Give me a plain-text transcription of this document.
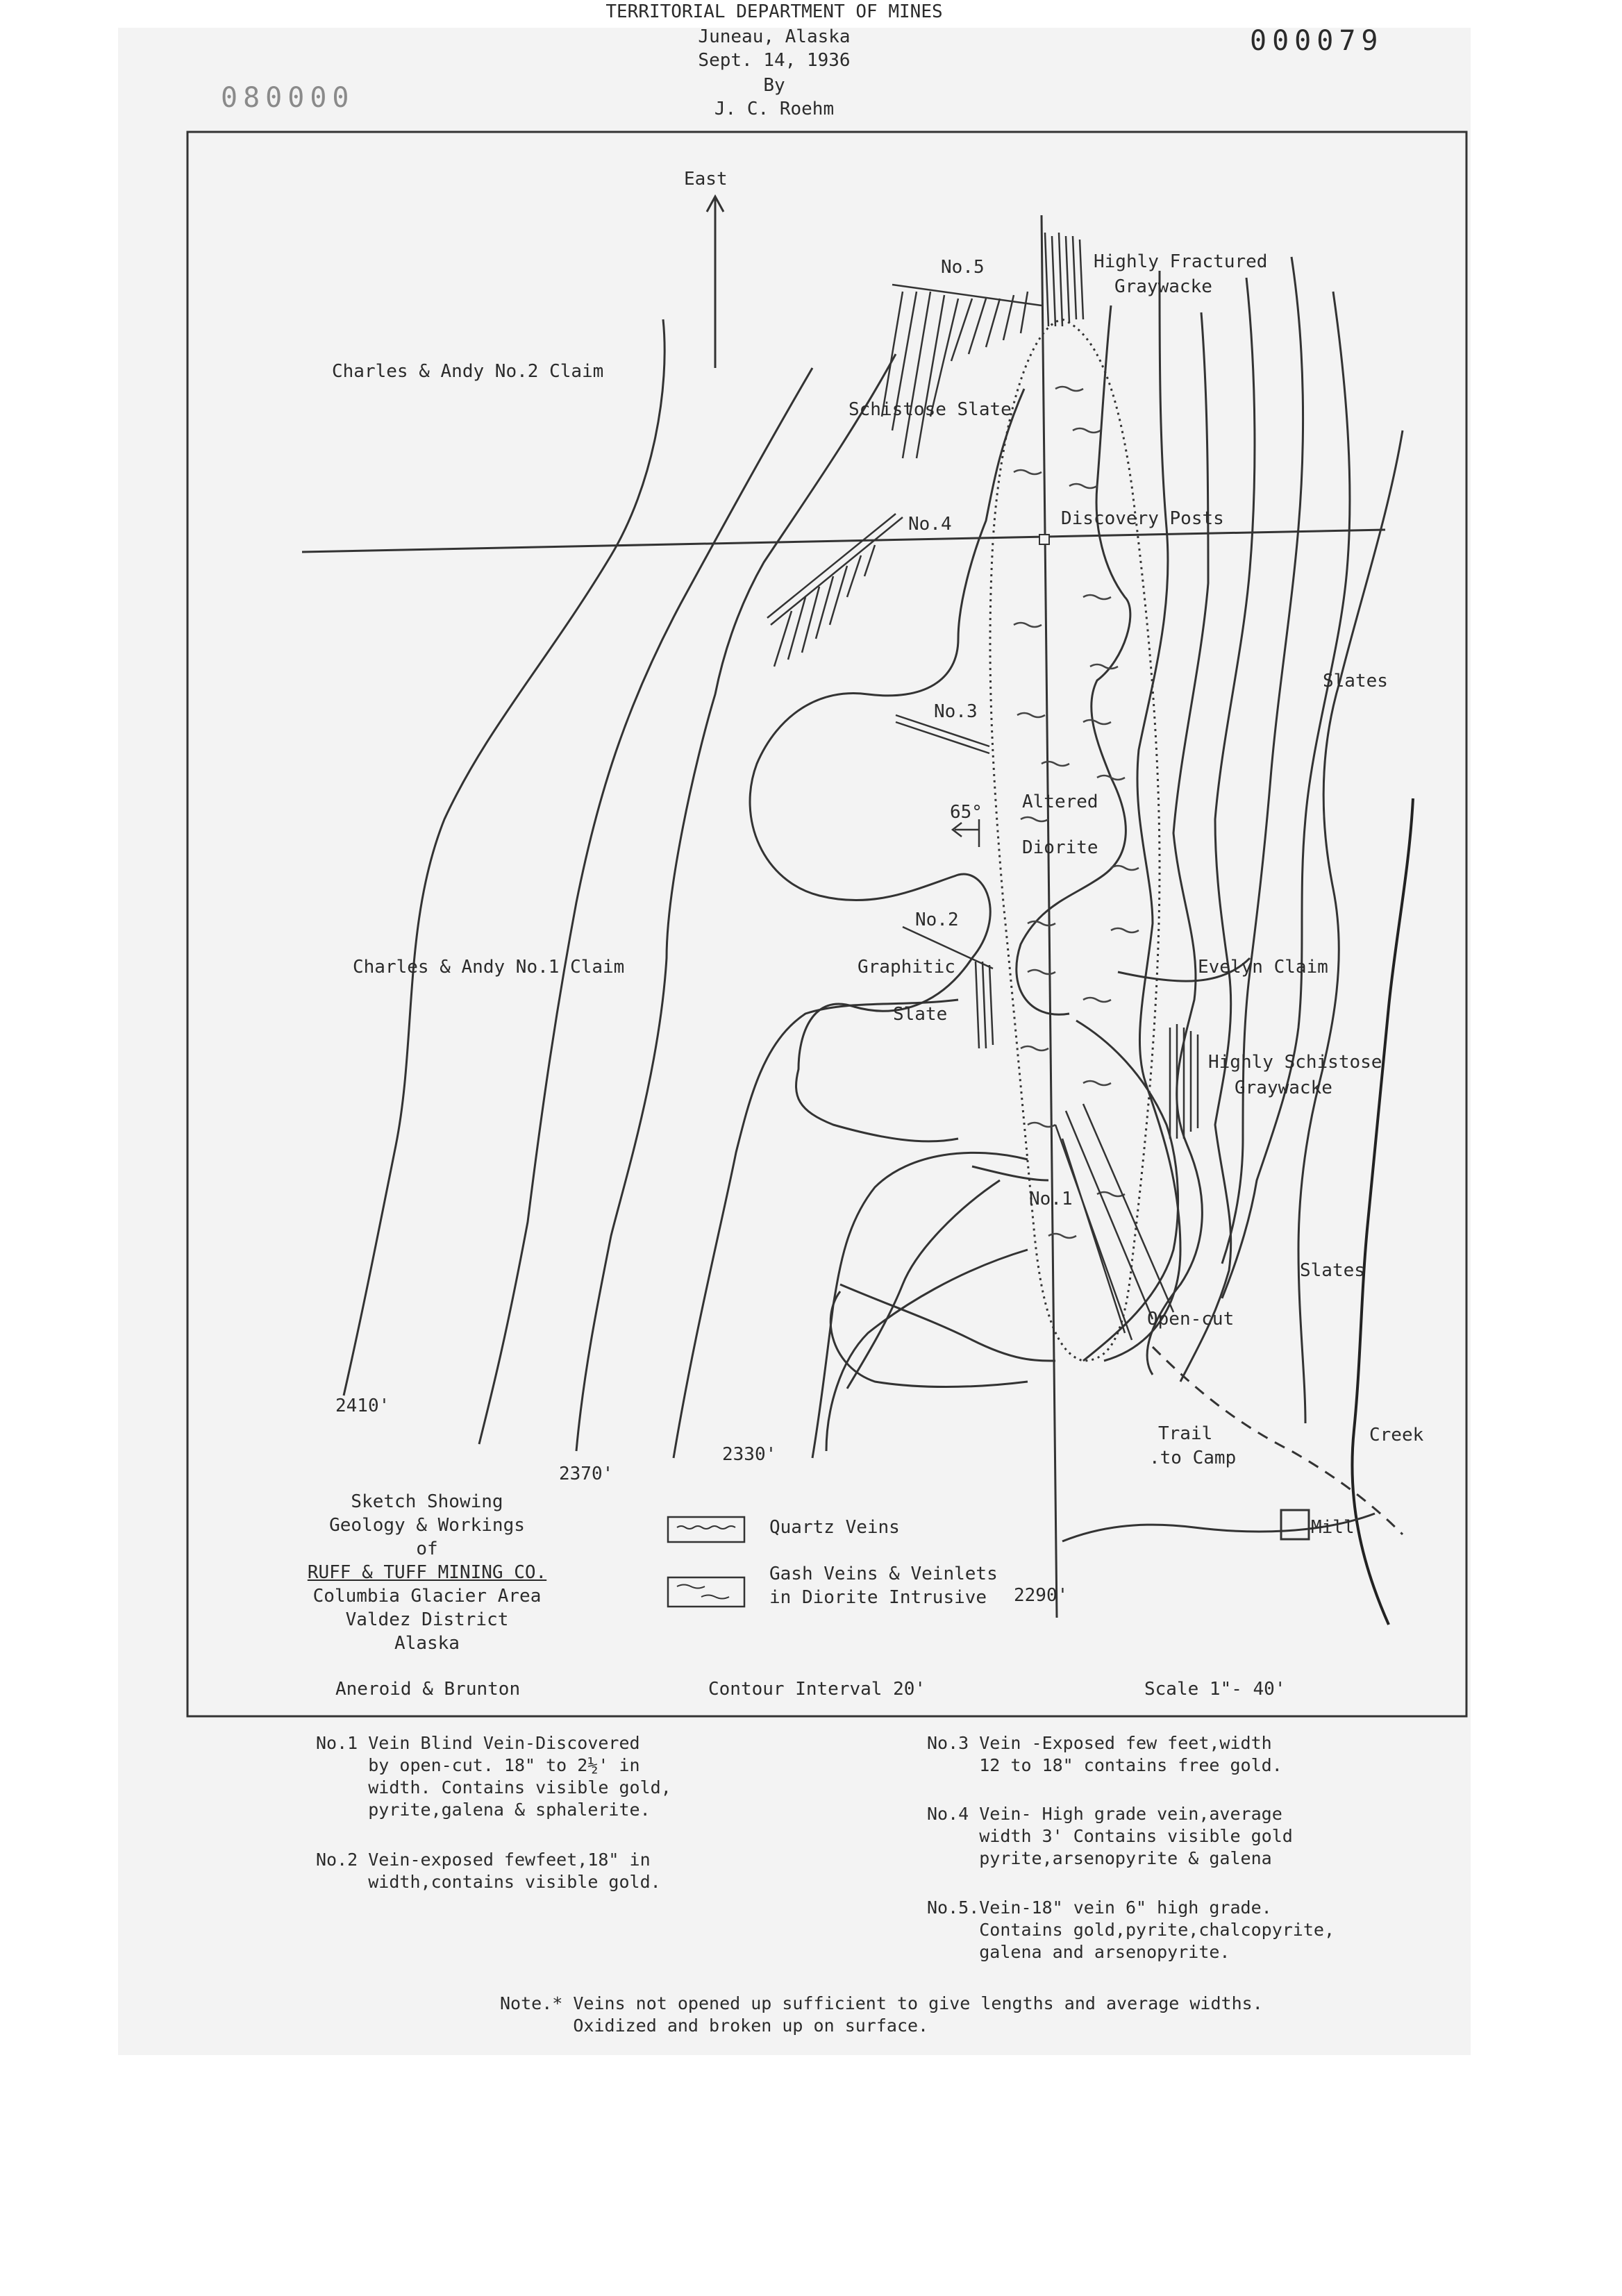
TERRITORIAL DEPARTMENT OF MINES
Juneau, Alaska
Sept. 14, 1936
By
J. C. Roehm
000079
080000
East
Charles & Andy No.2 Claim
Charles & Andy No.1 Claim	Evelyn Claim
No.5
No.4
No.3
No.2
No.1
Highly Fractured
Graywacke
Schistose Slate
Discovery Posts
Slates
Altered
Diorite
65°
Graphitic
Slate
Highly Schistose
Graywacke
Slates
Open-cut
Trail
.to Camp
Creek
Mill
2410'
2370'
2330'
2290'
Sketch Showing
Geology & Workings
of
RUFF & TUFF MINING CO.
Columbia Glacier Area
Valdez District
Alaska
Quartz Veins
Gash Veins & Veinlets
in Diorite Intrusive
Aneroid & Brunton	Contour Interval 20'	Scale 1"- 40'
No.1 Vein Blind Vein-Discovered
by open-cut. 18" to 2½' in
width. Contains visible gold,
pyrite,galena & sphalerite.
No.2 Vein-exposed fewfeet,18" in
width,contains visible gold.
No.3 Vein -Exposed few feet,width
12 to 18" contains free gold.
No.4 Vein- High grade vein,average
width 3' Contains visible gold
pyrite,arsenopyrite & galena
No.5.Vein-18" vein 6" high grade.
Contains gold,pyrite,chalcopyrite,
galena and arsenopyrite.
Note.* Veins not opened up sufficient to give lengths and average widths.
Oxidized and broken up on surface.
